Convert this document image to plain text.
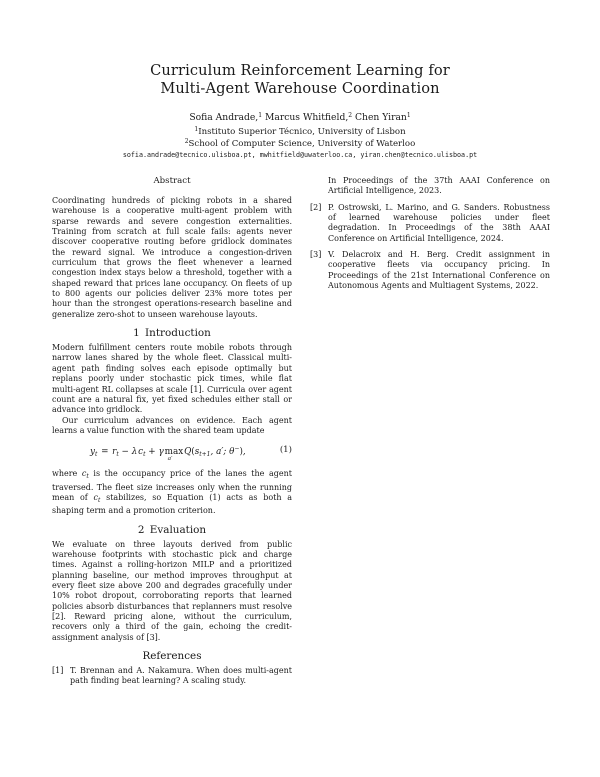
Curriculum Reinforcement Learning for
Multi-Agent Warehouse Coordination
Sofia Andrade,$^1$ Marcus Whitfield,$^2$ Chen Yiran$^1$
$^1$Instituto Superior Técnico, University of Lisbon
$^2$School of Computer Science, University of Waterloo
sofia.andrade@tecnico.ulisboa.pt, mwhitfield@uwaterloo.ca, yiran.chen@tecnico.ulisboa.pt
Abstract

Coordinating hundreds of picking robots in a shared warehouse is a cooperative multi-agent problem with sparse rewards and severe congestion externalities. Training from scratch at full scale fails: agents never discover cooperative routing before gridlock dominates the reward signal. We introduce a congestion-driven curriculum that grows the fleet whenever a learned congestion index stays below a threshold, together with a shaped reward that prices lane occupancy. On fleets of up to 800 agents our policies deliver 23% more totes per hour than the strongest operations-research baseline and generalize zero-shot to unseen warehouse layouts.

1 Introduction

Modern fulfillment centers route mobile robots through narrow lanes shared by the whole fleet. Classical multi-agent path finding solves each episode optimally but replans poorly under stochastic pick times, while flat multi-agent RL collapses at scale [1]. Curricula over agent count are a natural fix, yet fixed schedules either stall or advance into gridlock.

Our curriculum advances on evidence. Each agent learns a value function with the shared team update

$y_t$  =  $r_t - \lambda$ $c_t + \gamma$ max
a′
 $Q(s_{t+1}$, a′; θ−),	(1)

where $c_t$ is the occupancy price of the lanes the agent traversed. The fleet size increases only when the running mean of $c_t$ stabilizes, so Equation (1) acts as both a shaping term and a promotion criterion.

2 Evaluation

We evaluate on three layouts derived from public warehouse footprints with stochastic pick and charge times. Against a rolling-horizon MILP and a prioritized planning baseline, our method improves throughput at every fleet size above 200 and degrades gracefully under 10% robot dropout, corroborating reports that learned policies absorb disturbances that replanners must resolve [2]. Reward pricing alone, without the curriculum, recovers only a third of the gain, echoing the credit-assignment analysis of [3].

References
[1] T. Brennan and A. Nakamura. When does multi-agent path finding beat learning? A scaling study.

In Proceedings of the 37th AAAI Conference on Artificial Intelligence, 2023.

[2] P. Ostrowski, L. Marino, and G. Sanders. Robustness of learned warehouse policies under fleet degradation. In Proceedings of the 38th AAAI Conference on Artificial Intelligence, 2024.
[3] V. Delacroix and H. Berg. Credit assignment in cooperative fleets via occupancy pricing. In Proceedings of the 21st International Conference on Autonomous Agents and Multiagent Systems, 2022.
